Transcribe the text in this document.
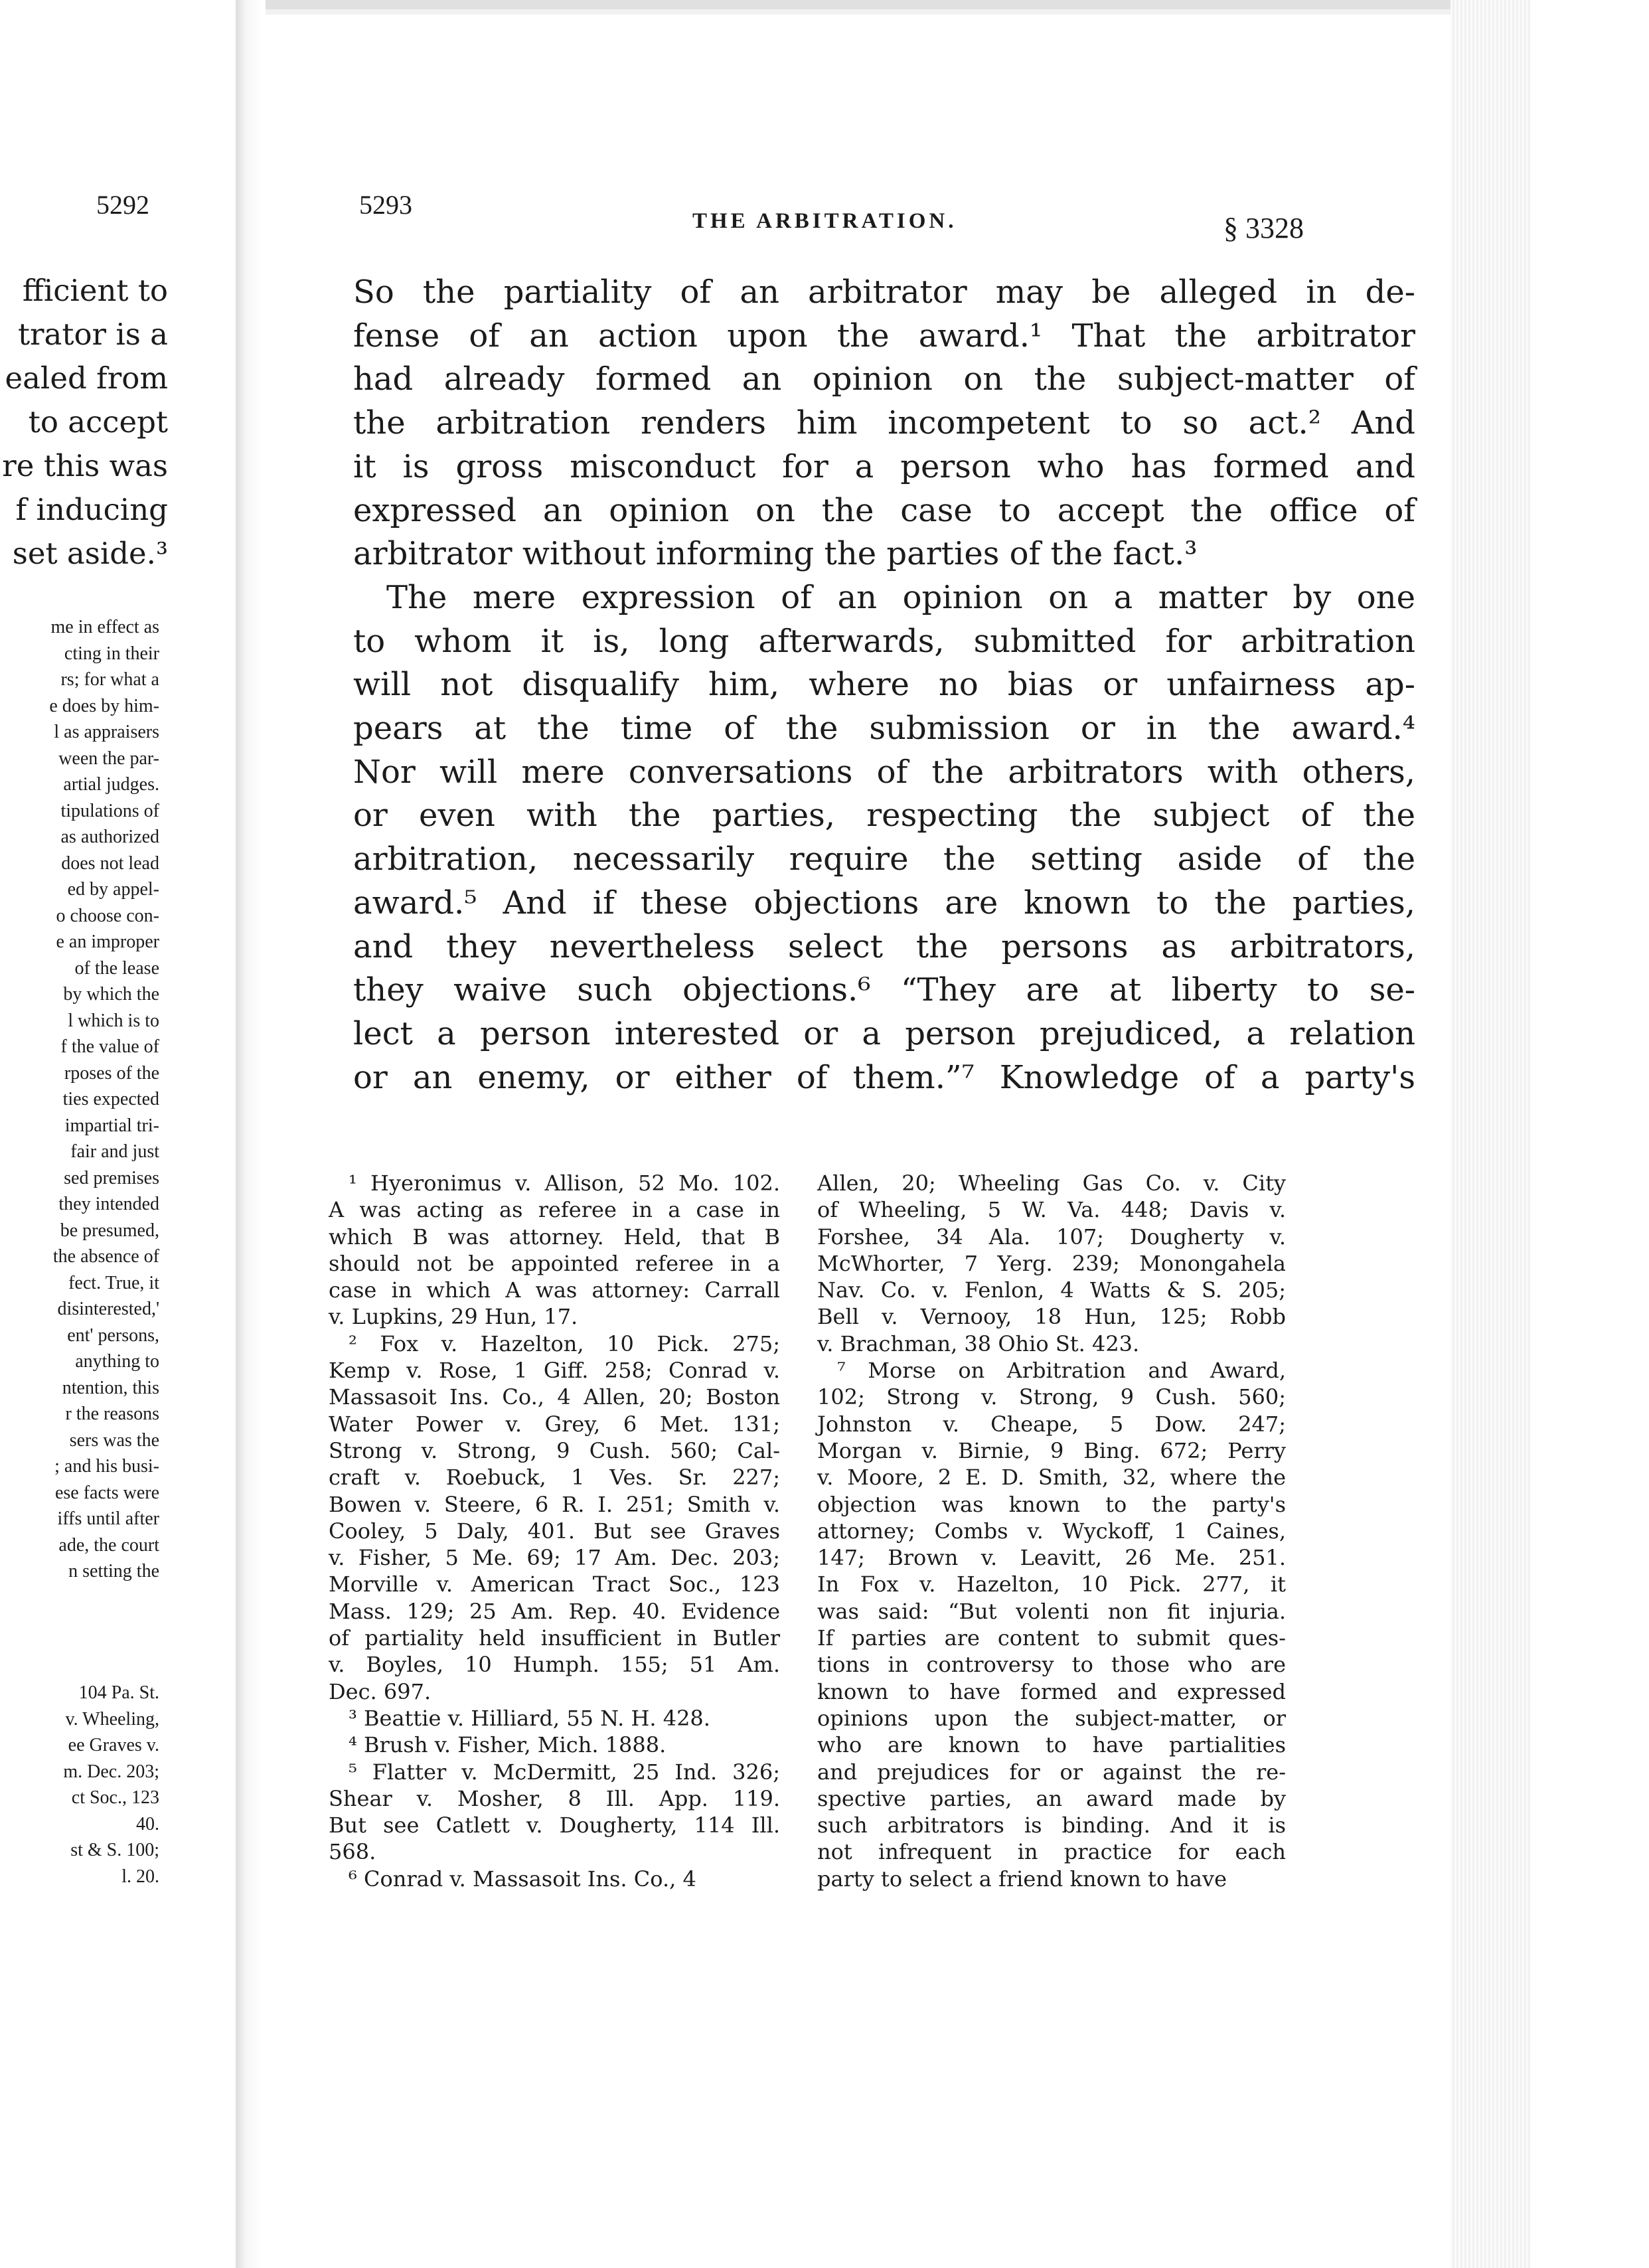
5292
fficient to
trator is a
ealed from
to accept
re this was
f inducing
set aside.³
me in effect as
cting in their
rs; for what a
e does by him-
l as appraisers
ween the par-
artial judges.
tipulations of
as authorized
does not lead
ed by appel-
o choose con-
e an improper
of the lease
by which the
l which is to
f the value of
rposes of the
ties expected
impartial tri-
fair and just
sed premises
they intended
be presumed,
the absence of
fect. True, it
disinterested,'
ent' persons,
anything to
ntention, this
r the reasons
sers was the
; and his busi-
ese facts were
iffs until after
ade, the court
n setting the
104 Pa. St.
v. Wheeling,
ee Graves v.
m. Dec. 203;
ct Soc., 123
40.
st & S. 100;
l. 20.
5293
THE ARBITRATION.	§ 3328
So the partiality of an arbitrator may be alleged in de-
fense of an action upon the award.¹ That the arbitrator
had already formed an opinion on the subject-matter of
the arbitration renders him incompetent to so act.² And
it is gross misconduct for a person who has formed and
expressed an opinion on the case to accept the office of
arbitrator without informing the parties of the fact.³
The mere expression of an opinion on a matter by one
to whom it is, long afterwards, submitted for arbitration
will not disqualify him, where no bias or unfairness ap-
pears at the time of the submission or in the award.⁴
Nor will mere conversations of the arbitrators with others,
or even with the parties, respecting the subject of the
arbitration, necessarily require the setting aside of the
award.⁵ And if these objections are known to the parties,
and they nevertheless select the persons as arbitrators,
they waive such objections.⁶ “They are at liberty to se-
lect a person interested or a person prejudiced, a relation
or an enemy, or either of them.”⁷ Knowledge of a party's
¹ Hyeronimus v. Allison, 52 Mo. 102.
A was acting as referee in a case in
which B was attorney. Held, that B
should not be appointed referee in a
case in which A was attorney: Carrall
v. Lupkins, 29 Hun, 17.
² Fox v. Hazelton, 10 Pick. 275;
Kemp v. Rose, 1 Giff. 258; Conrad v.
Massasoit Ins. Co., 4 Allen, 20; Boston
Water Power v. Grey, 6 Met. 131;
Strong v. Strong, 9 Cush. 560; Cal-
craft v. Roebuck, 1 Ves. Sr. 227;
Bowen v. Steere, 6 R. I. 251; Smith v.
Cooley, 5 Daly, 401. But see Graves
v. Fisher, 5 Me. 69; 17 Am. Dec. 203;
Morville v. American Tract Soc., 123
Mass. 129; 25 Am. Rep. 40. Evidence
of partiality held insufficient in Butler
v. Boyles, 10 Humph. 155; 51 Am.
Dec. 697.
³ Beattie v. Hilliard, 55 N. H. 428.
⁴ Brush v. Fisher, Mich. 1888.
⁵ Flatter v. McDermitt, 25 Ind. 326;
Shear v. Mosher, 8 Ill. App. 119.
But see Catlett v. Dougherty, 114 Ill.
568.
⁶ Conrad v. Massasoit Ins. Co., 4
Allen, 20; Wheeling Gas Co. v. City
of Wheeling, 5 W. Va. 448; Davis v.
Forshee, 34 Ala. 107; Dougherty v.
McWhorter, 7 Yerg. 239; Monongahela
Nav. Co. v. Fenlon, 4 Watts & S. 205;
Bell v. Vernooy, 18 Hun, 125; Robb
v. Brachman, 38 Ohio St. 423.
⁷ Morse on Arbitration and Award,
102; Strong v. Strong, 9 Cush. 560;
Johnston v. Cheape, 5 Dow. 247;
Morgan v. Birnie, 9 Bing. 672; Perry
v. Moore, 2 E. D. Smith, 32, where the
objection was known to the party's
attorney; Combs v. Wyckoff, 1 Caines,
147; Brown v. Leavitt, 26 Me. 251.
In Fox v. Hazelton, 10 Pick. 277, it
was said: “But volenti non fit injuria.
If parties are content to submit ques-
tions in controversy to those who are
known to have formed and expressed
opinions upon the subject-matter, or
who are known to have partialities
and prejudices for or against the re-
spective parties, an award made by
such arbitrators is binding. And it is
not infrequent in practice for each
party to select a friend known to have
